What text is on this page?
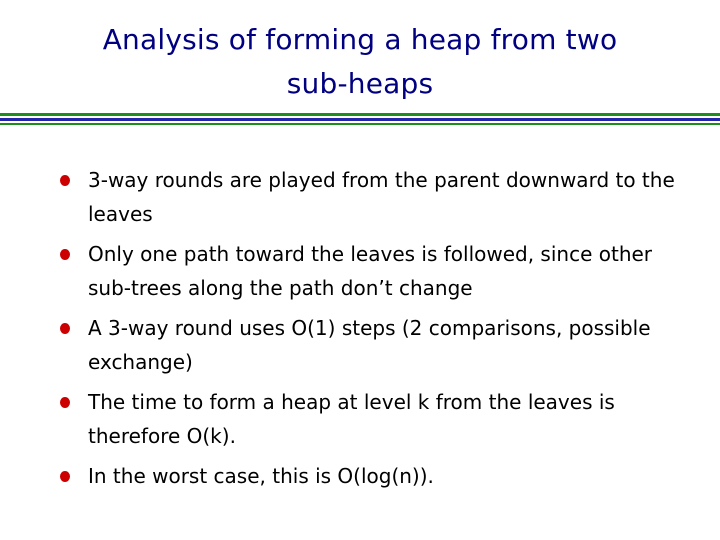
Analysis of forming a heap from two
sub-heaps
3-way rounds are played from the parent downward to the leaves
Only one path toward the leaves is followed, since other sub-trees along the path don’t change
A 3-way round uses O(1) steps (2 comparisons, possible exchange)
The time to form a heap at level k from the leaves is therefore O(k).
In the worst case, this is O(log(n)).
